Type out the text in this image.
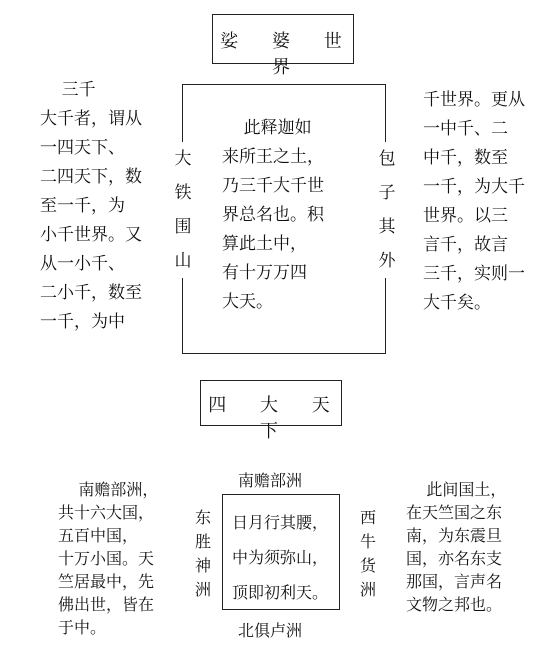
娑 婆 世 界
三千
大千者，谓从
一四天下、
二四天下，数
至一千，为
小千世界。又
从一小千、
二小千，数至
一千，为中
大
铁
围
山
包
子
其
外
此释迦如
来所王之土，
乃三千大千世
界总名也。积
算此土中，
有十万万四
大天。
千世界。更从
一中千、二
中千，数至
一千，为大千
世界。以三
言千，故言
三千，实则一
大千矣。
四 大 天 下
南赡部洲，
共十六大国，
五百中国，
十万小国。天
竺居最中，先
佛出世，皆在
于中。
南赡部洲
日月行其腰，
中为须弥山，
顶即初利天。
东
胜
神
洲
西
牛
货
洲
北俱卢洲
此间国土，
在天竺国之东
南，为东震旦
国，亦名东支
那国，言声名
文物之邦也。
